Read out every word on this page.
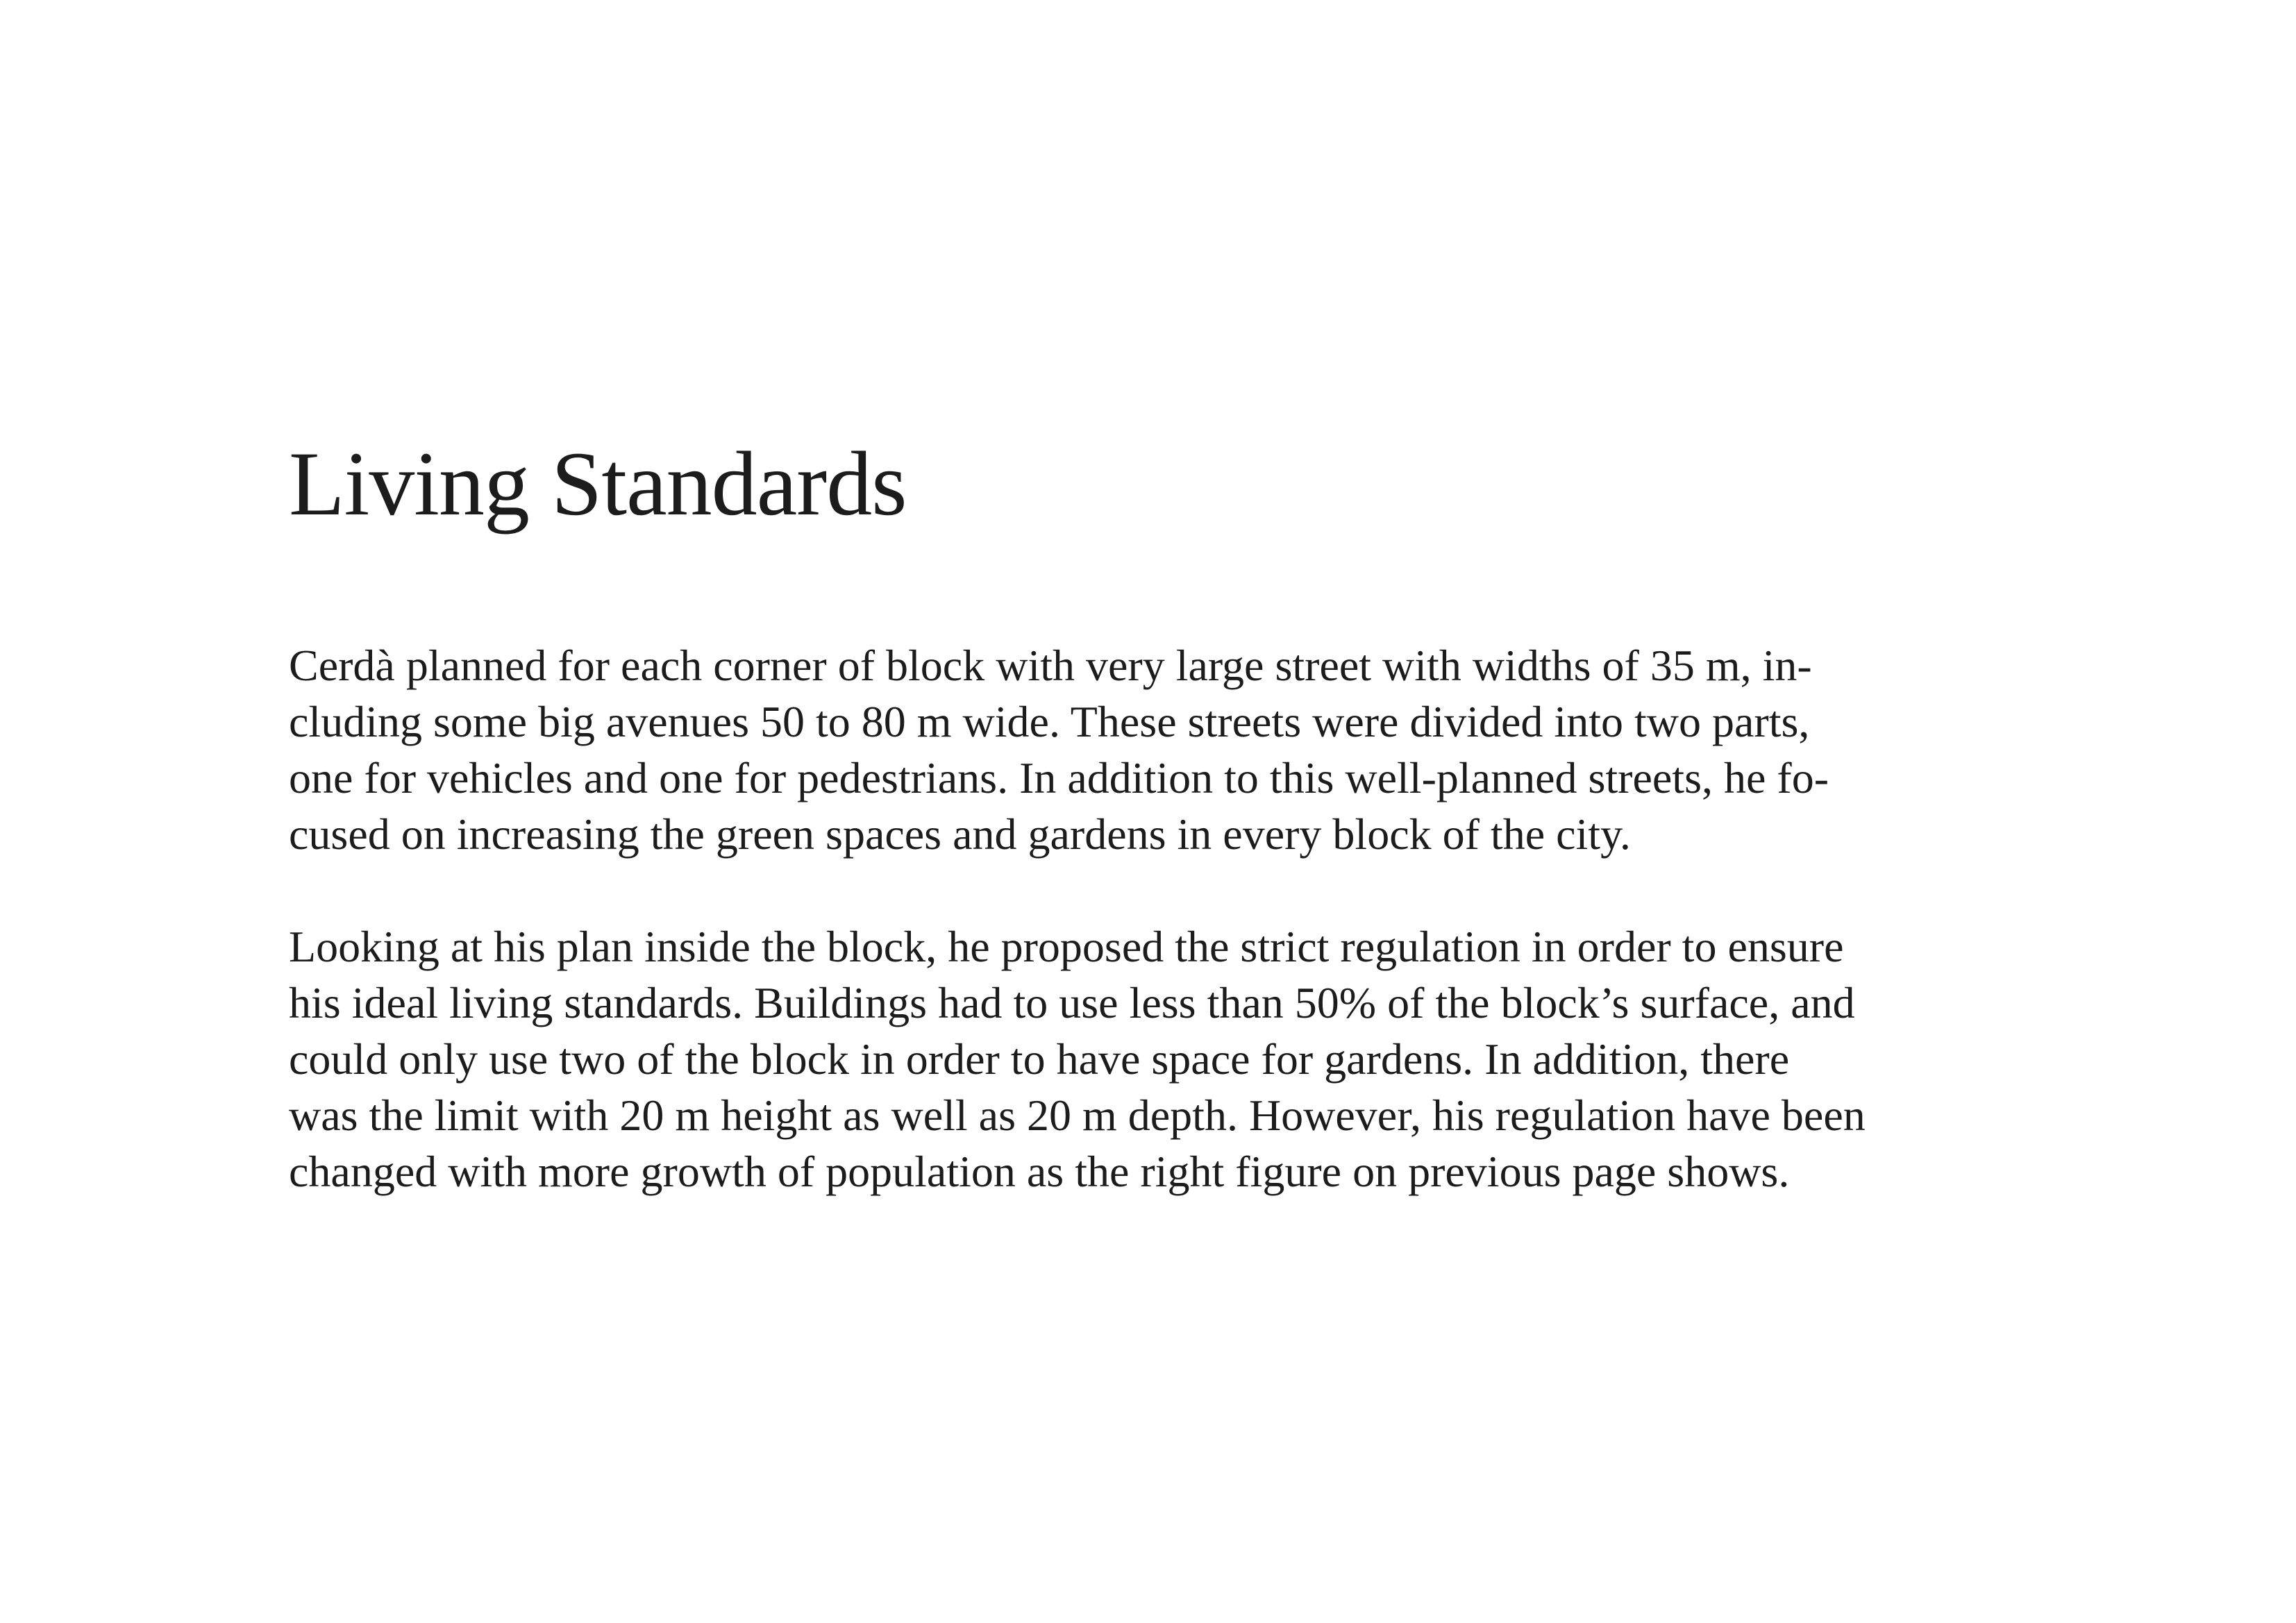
Living Standards
Cerdà planned for each corner of block with very large street with widths of 35 m, in-
cluding some big avenues 50 to 80 m wide. These streets were divided into two parts,
one for vehicles and one for pedestrians. In addition to this well-planned streets, he fo-
cused on increasing the green spaces and gardens in every block of the city.
Looking at his plan inside the block, he proposed the strict regulation in order to ensure
his ideal living standards. Buildings had to use less than 50% of the block’s surface, and
could only use two of the block in order to have space for gardens. In addition, there
was the limit with 20 m height as well as 20 m depth. However, his regulation have been
changed with more growth of population as the right figure on previous page shows.
